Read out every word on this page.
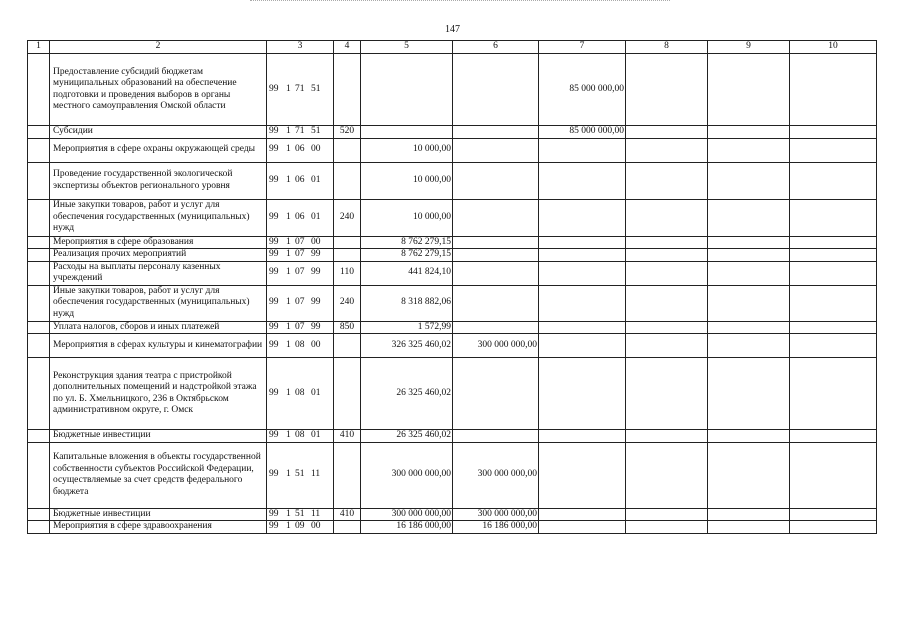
147
1	2	3	4	5	6	7	8	9	10
	Предоставление субсидий бюджетам муниципальных образований на обеспечение подготовки и проведения выборов в органы местного самоуправления Омской области	99 1 71 51				85 000 000,00			
	Субсидии	99 1 71 51	520			85 000 000,00			
	Мероприятия в сфере охраны окружающей среды	99 1 06 00		10 000,00					
	Проведение государственной экологической экспертизы объектов регионального уровня	99 1 06 01		10 000,00					
	Иные закупки товаров, работ и услуг для обеспечения государственных (муниципальных) нужд	99 1 06 01	240	10 000,00					
	Мероприятия в сфере образования	99 1 07 00		8 762 279,15					
	Реализация прочих мероприятий	99 1 07 99		8 762 279,15					
	Расходы на выплаты персоналу казенных учреждений	99 1 07 99	110	441 824,10					
	Иные закупки товаров, работ и услуг для обеспечения государственных (муниципальных) нужд	99 1 07 99	240	8 318 882,06					
	Уплата налогов, сборов и иных платежей	99 1 07 99	850	1 572,99					
	Мероприятия в сферах культуры и кинематографии	99 1 08 00		326 325 460,02	300 000 000,00				
	Реконструкция здания театра с пристройкой дополнительных помещений и надстройкой этажа по ул. Б. Хмельницкого, 236 в Октябрьском административном округе, г. Омск	99 1 08 01		26 325 460,02					
	Бюджетные инвестиции	99 1 08 01	410	26 325 460,02					
	Капитальные вложения в объекты государственной собственности субъектов Российской Федерации, осуществляемые за счет средств федерального бюджета	99 1 51 11		300 000 000,00	300 000 000,00				
	Бюджетные инвестиции	99 1 51 11	410	300 000 000,00	300 000 000,00				
	Мероприятия в сфере здравоохранения	99 1 09 00		16 186 000,00	16 186 000,00				
